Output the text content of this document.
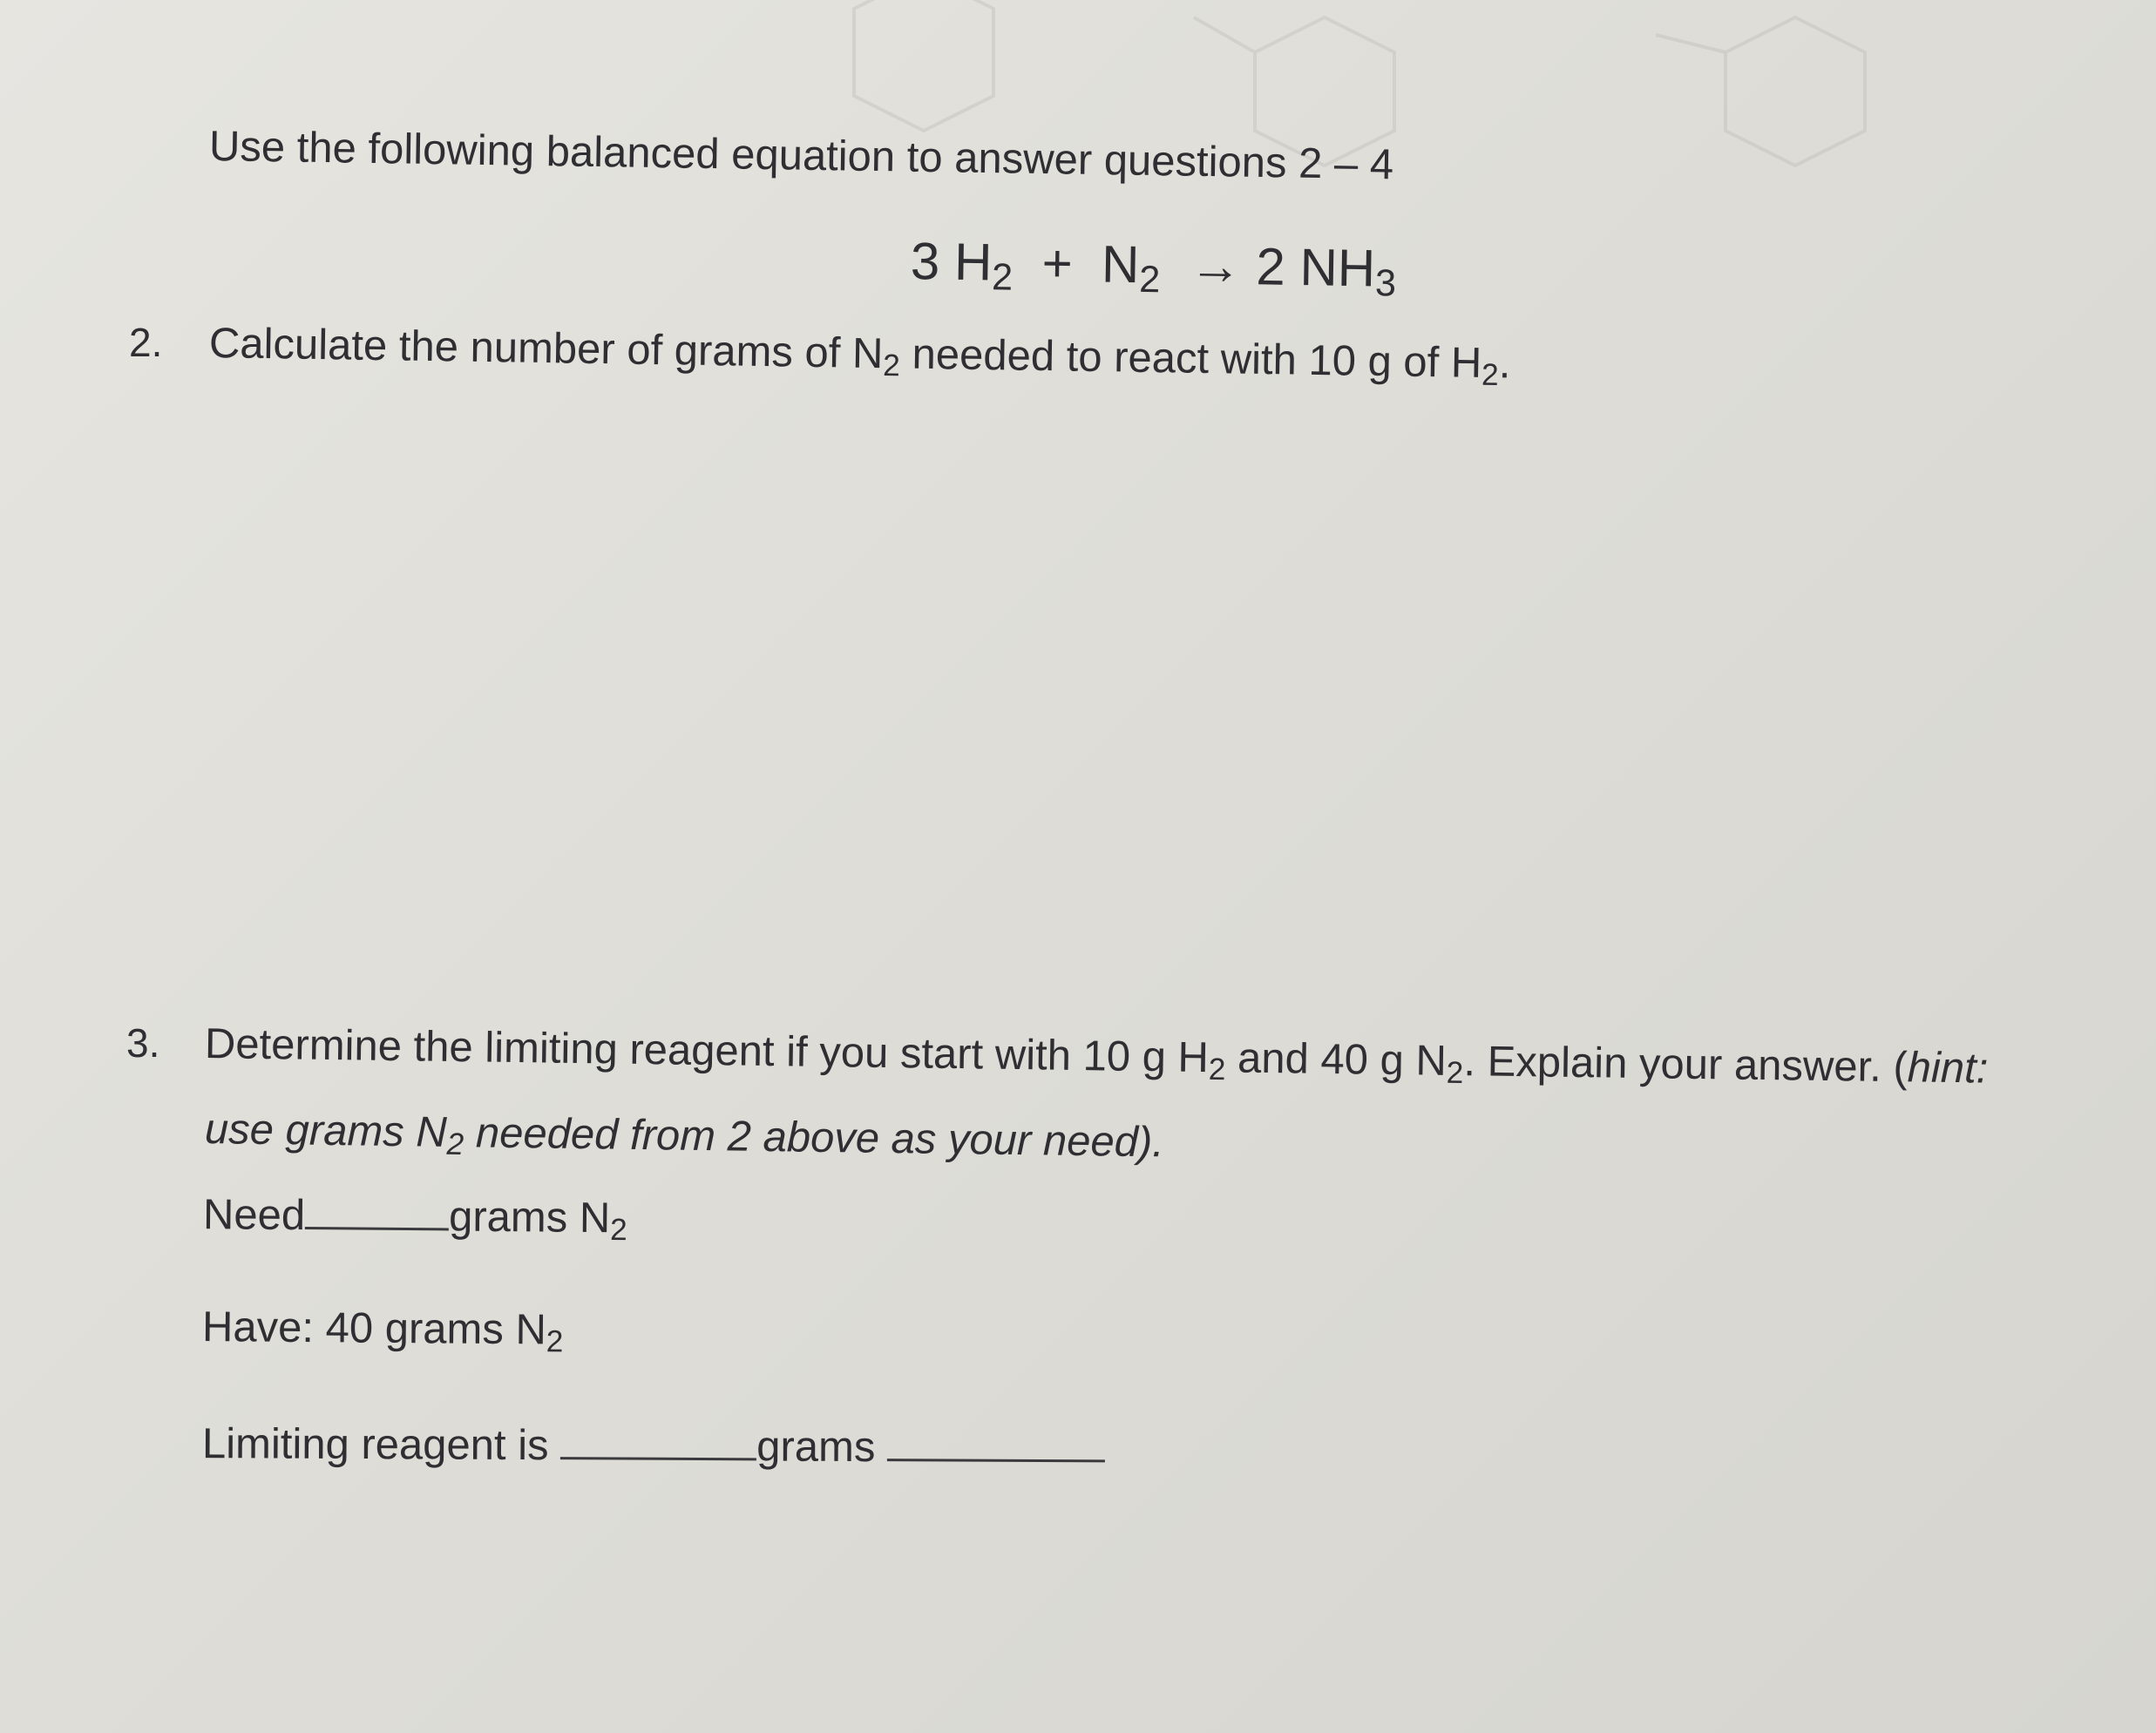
Use the following balanced equation to answer questions 2 – 4
3 $H_2 + N_2 \to 2$ $NH_3$
2. Calculate the number of grams of $N_2$ needed to react with 10 g of $H_2$.
3. Determine the limiting reagent if you start with 10 g $H_2$ and 40 g $N_2$. Explain your answer. (hint:
use grams $N_2$ needed from 2 above as your need).
Need	grams $N_2$
Have: 40 grams $N_2$
Limiting reagent is	grams
